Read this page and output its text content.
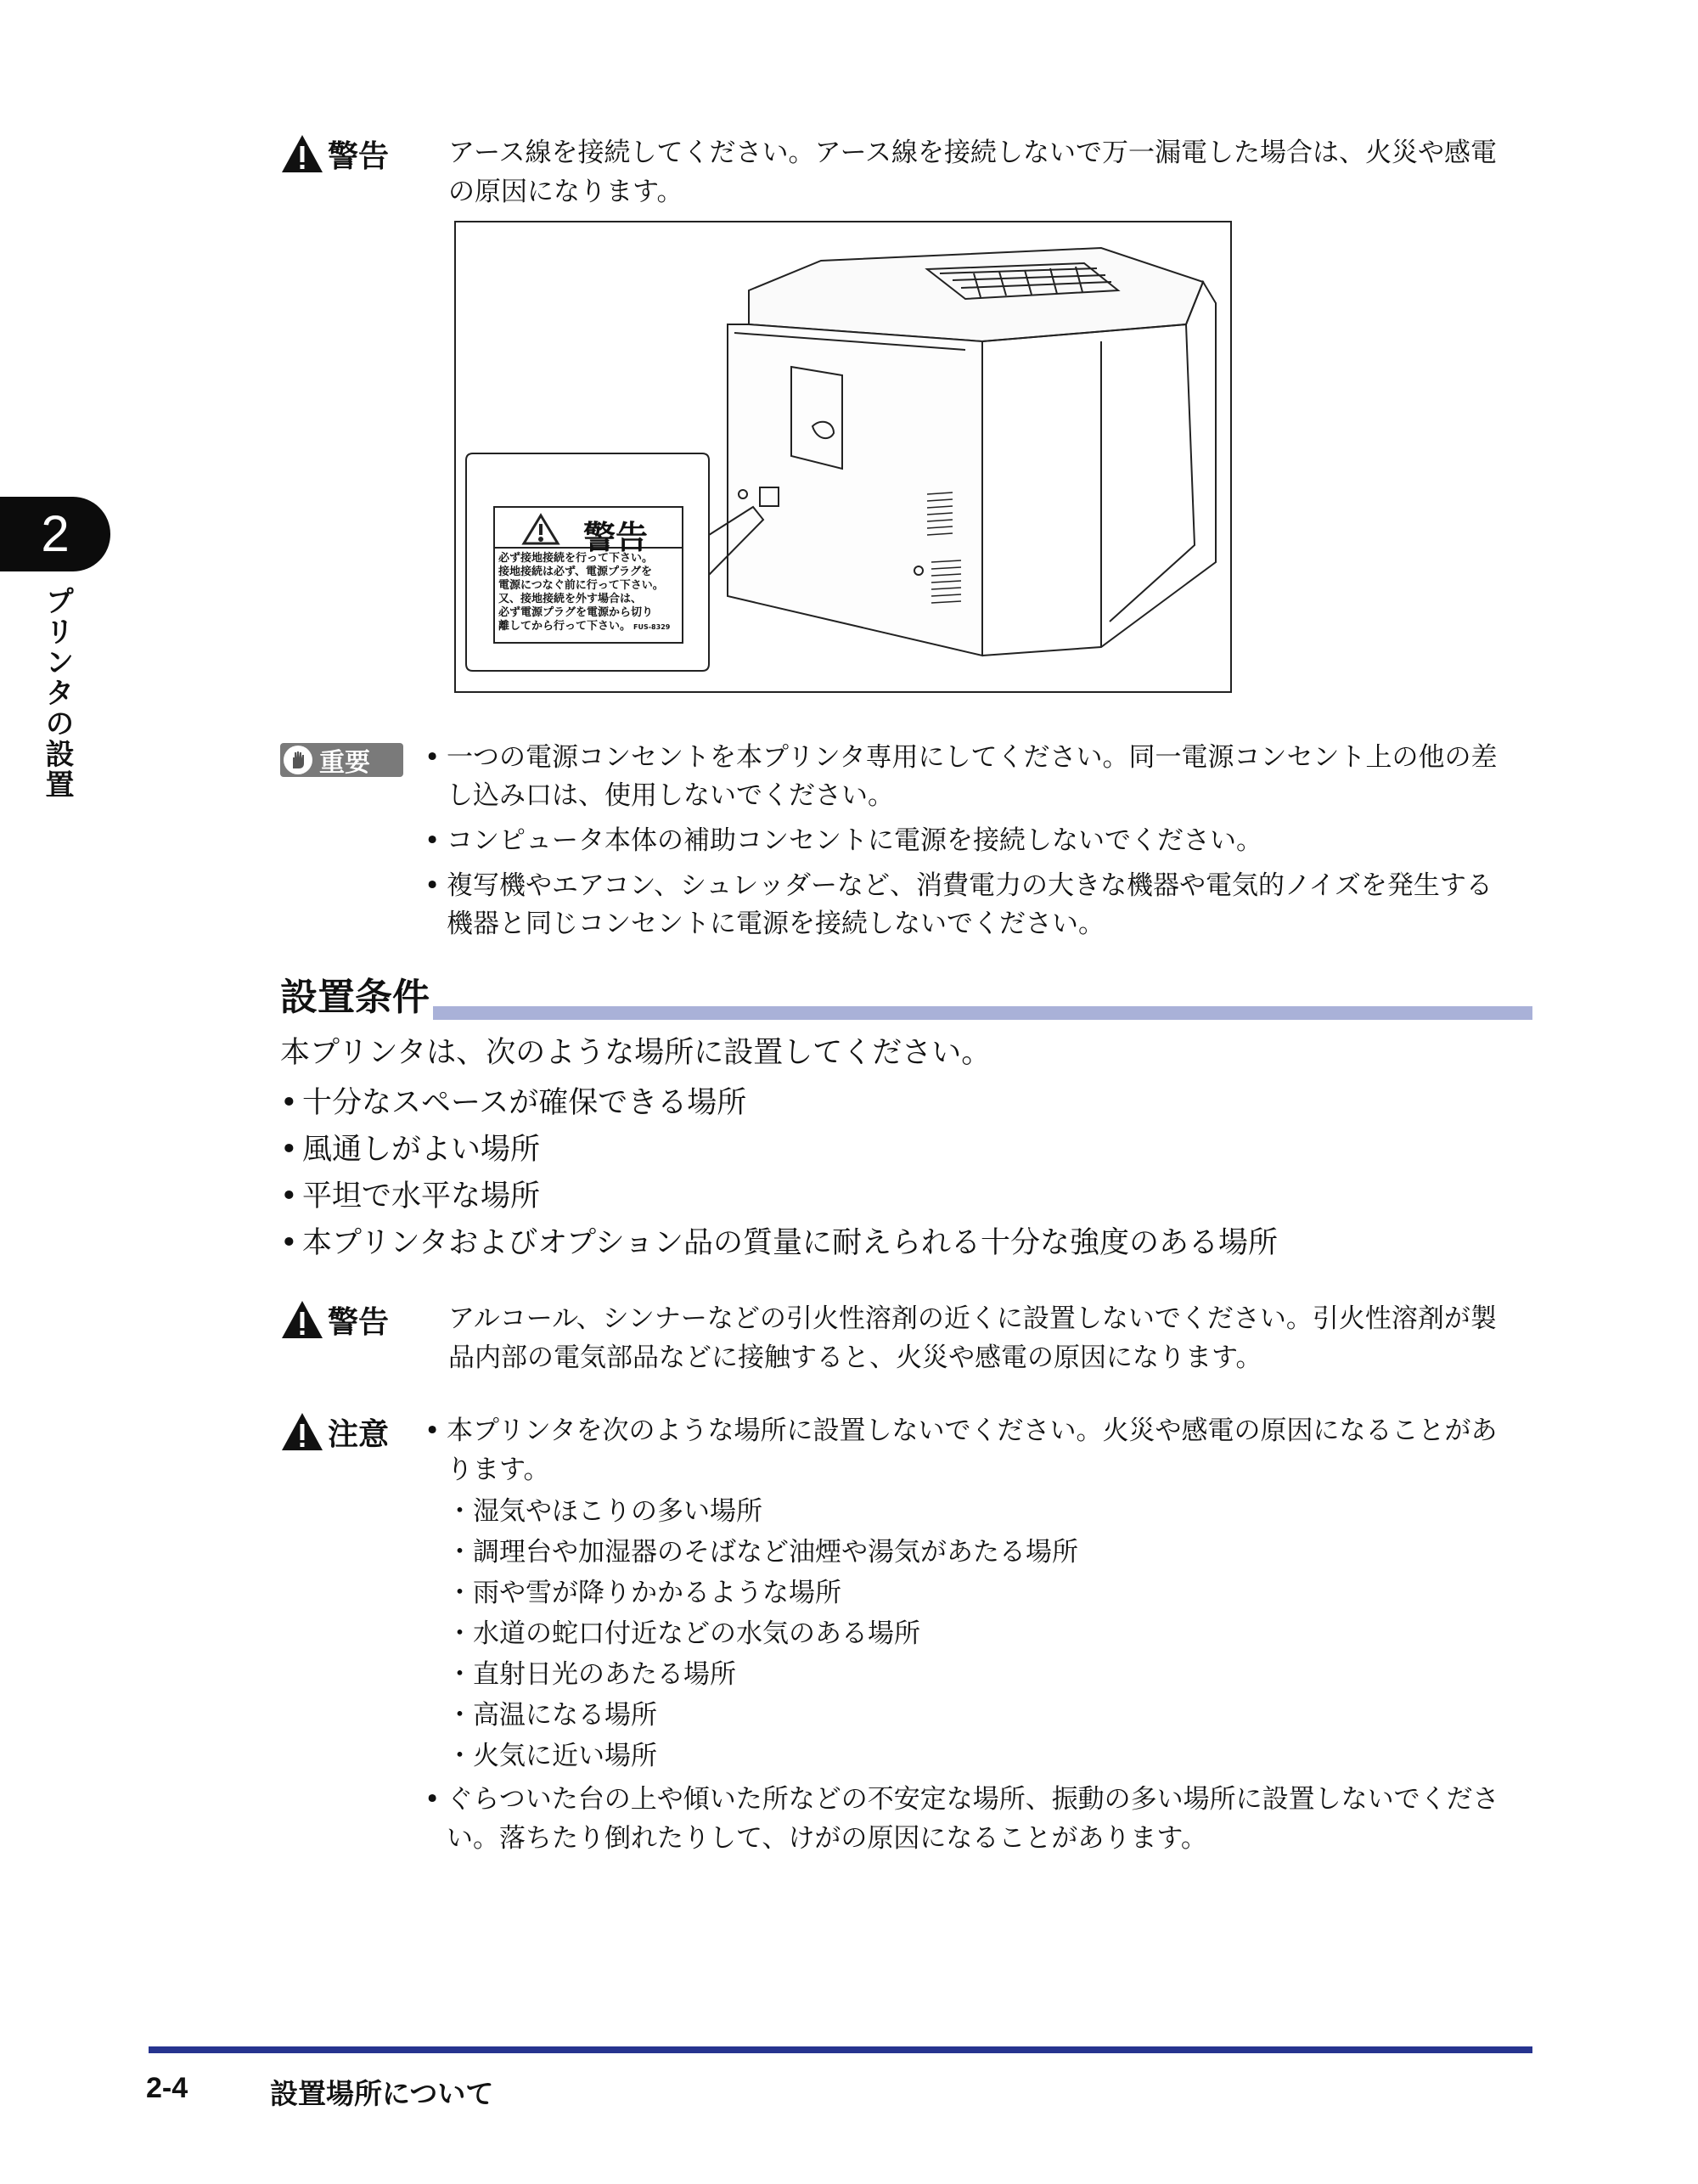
2
プリンタの設置
警告 アース線を接続してください。アース線を接続しないで万一漏電した場合は、火災や感電
の原因になります。
警告
必ず接地接続を行って下さい。
接地接続は必ず、電源プラグを
電源につなぐ前に行って下さい。
又、接地接続を外す場合は、
必ず電源プラグを電源から切り
離してから行って下さい。 FUS-8329
重要	• 一つの電源コンセントを本プリンタ専用にしてください。同一電源コンセント上の他の差
し込み口は、使用しないでください。
• コンピュータ本体の補助コンセントに電源を接続しないでください。
• 複写機やエアコン、シュレッダーなど、消費電力の大きな機器や電気的ノイズを発生する
機器と同じコンセントに電源を接続しないでください。
設置条件
本プリンタは、次のような場所に設置してください。
• 十分なスペースが確保できる場所
• 風通しがよい場所
• 平坦で水平な場所
• 本プリンタおよびオプション品の質量に耐えられる十分な強度のある場所
警告 アルコール、シンナーなどの引火性溶剤の近くに設置しないでください。引火性溶剤が製
品内部の電気部品などに接触すると、火災や感電の原因になります。
注意 • 本プリンタを次のような場所に設置しないでください。火災や感電の原因になることがあ
ります。
・湿気やほこりの多い場所
・調理台や加湿器のそばなど油煙や湯気があたる場所
・雨や雪が降りかかるような場所
・水道の蛇口付近などの水気のある場所
・直射日光のあたる場所
・高温になる場所
・火気に近い場所
• ぐらついた台の上や傾いた所などの不安定な場所、振動の多い場所に設置しないでくださ
い。落ちたり倒れたりして、けがの原因になることがあります。
2-4	設置場所について
